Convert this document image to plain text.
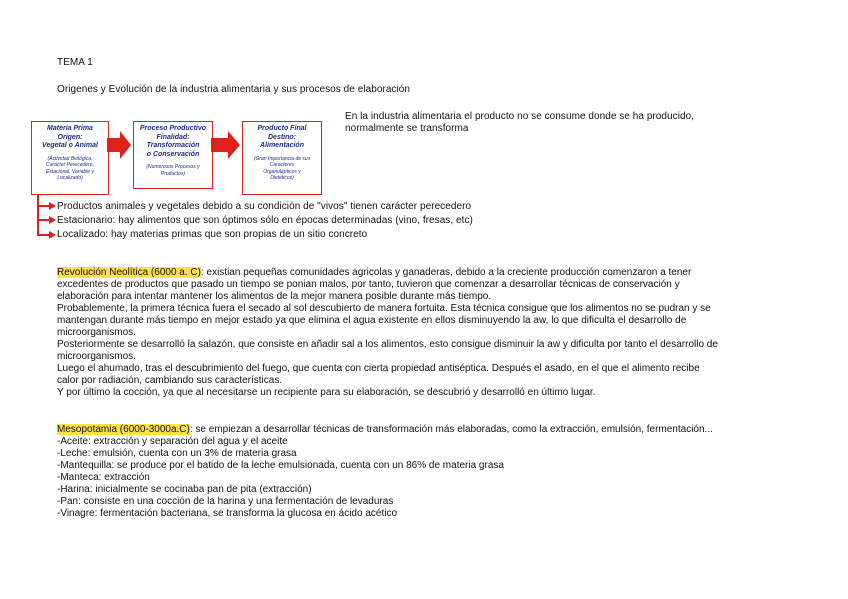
TEMA 1
Origenes y Evolución de la industria alimentaria y sus procesos de elaboración
En la industria alimentaria el producto no se consume donde se ha producido,
normalmente se transforma
Materia Prima
Origen:
Vegetal o Animal
(Actividad Biológica,
Carácter Perecedero,
Estacional, Variable y
Localizado)
Proceso Productivo
Finalidad:
Transformación
o Conservación
(Numerosos Procesos y
Productos)
Producto Final
Destino:
Alimentación
(Gran Importancia de sus
Caracteres
Organolépticos y
Dietéticos)
Productos animales y vegetales debido a su condición de "vivos" tienen carácter perecedero
Estacionario: hay alimentos que son óptimos sólo en épocas determinadas (vino, fresas, etc)
Localizado: hay materias primas que son propias de un sitio concreto
Revolución Neolítica (6000 a. C): existian pequeñas comunidades agricolas y ganaderas, debido a la creciente producción comenzaron a tener
excedentes de productos que pasado un tiempo se ponian malos, por tanto, tuvieron que comenzar a desarrollar técnicas de conservación y
elaboración para intentar mantener los alimentos de la mejor manera posible durante más tiempo.
Probablemente, la primera técnica fuera el secado al sol descubierto de manera fortuita. Esta técnica consigue que los alimentos no se pudran y se
mantengan durante más tiempo en mejor estado ya que elimina el agua existente en ellos disminuyendo la aw, lo que dificulta el desarrollo de
microorganismos.
Posteriormente se desarrolló la salazón, que consiste en añadir sal a los alimentos, esto consigue disminuir la aw y dificulta por tanto el desarrollo de
microorganismos.
Luego el ahumado, tras el descubrimiento del fuego, que cuenta con cierta propiedad antiséptica. Después el asado, en el que el alimento recibe
calor por radiación, cambiando sus características.
Y por último la cocción, ya que al necesitarse un recipiente para su elaboración, se descubrió y desarrolló en último lugar.
Mesopotamia (6000-3000a.C): se empiezan a desarrollar técnicas de transformación más elaboradas, como la extracción, emulsión, fermentación...
-Aceite: extracción y separación del agua y el aceite
-Leche: emulsión, cuenta con un 3% de materia grasa
-Mantequilla: se produce por el batido de la leche emulsionada, cuenta con un 86% de materia grasa
-Manteca: extracción
-Harina: inicialmente se cocinaba pan de pita (extracción)
-Pan: consiste en una cocción de la harina y una fermentación de levaduras
-Vinagre: fermentación bacteriana, se transforma la glucosa en ácido acético
